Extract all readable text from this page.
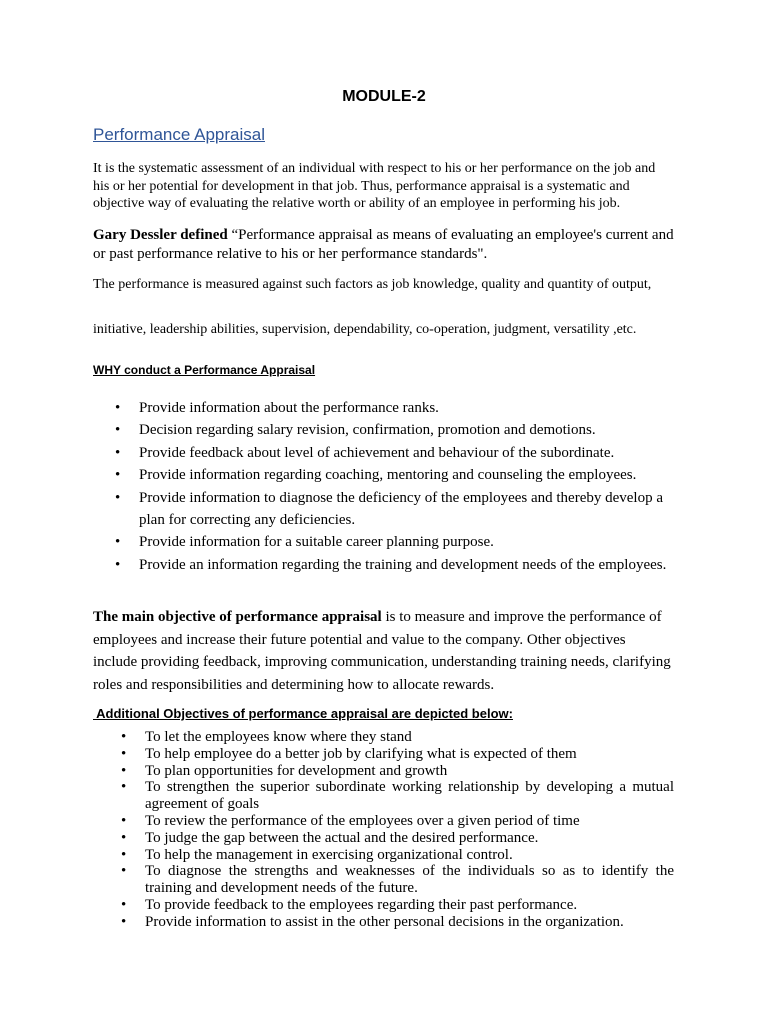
MODULE-2
Performance Appraisal

It is the systematic assessment of an individual with respect to his or her performance on the job and his or her potential for development in that job. Thus, performance appraisal is a systematic and objective way of evaluating the relative worth or ability of an employee in performing his job.

Gary Dessler defined “Performance appraisal as means of evaluating an employee's current and or past performance relative to his or her performance standards".

The performance is measured against such factors as job knowledge, quality and quantity of output,

initiative, leadership abilities, supervision, dependability, co-operation, judgment, versatility ,etc.

WHY conduct a Performance Appraisal
• Provide information about the performance ranks.
• Decision regarding salary revision, confirmation, promotion and demotions.
• Provide feedback about level of achievement and behaviour of the subordinate.
• Provide information regarding coaching, mentoring and counseling the employees.
• Provide information to diagnose the deficiency of the employees and thereby develop a plan for correcting any deficiencies.
• Provide information for a suitable career planning purpose.
• Provide an information regarding the training and development needs of the employees.

The main objective of performance appraisal is to measure and improve the performance of employees and increase their future potential and value to the company. Other objectives include providing feedback, improving communication, understanding training needs, clarifying roles and responsibilities and determining how to allocate rewards.

Additional Objectives of performance appraisal are depicted below:
• To let the employees know where they stand
• To help employee do a better job by clarifying what is expected of them
• To plan opportunities for development and growth
• To strengthen the superior subordinate working relationship by developing a mutual agreement of goals
• To review the performance of the employees over a given period of time
• To judge the gap between the actual and the desired performance.
• To help the management in exercising organizational control.
• To diagnose the strengths and weaknesses of the individuals so as to identify the training and development needs of the future.
• To provide feedback to the employees regarding their past performance.
• Provide information to assist in the other personal decisions in the organization.
